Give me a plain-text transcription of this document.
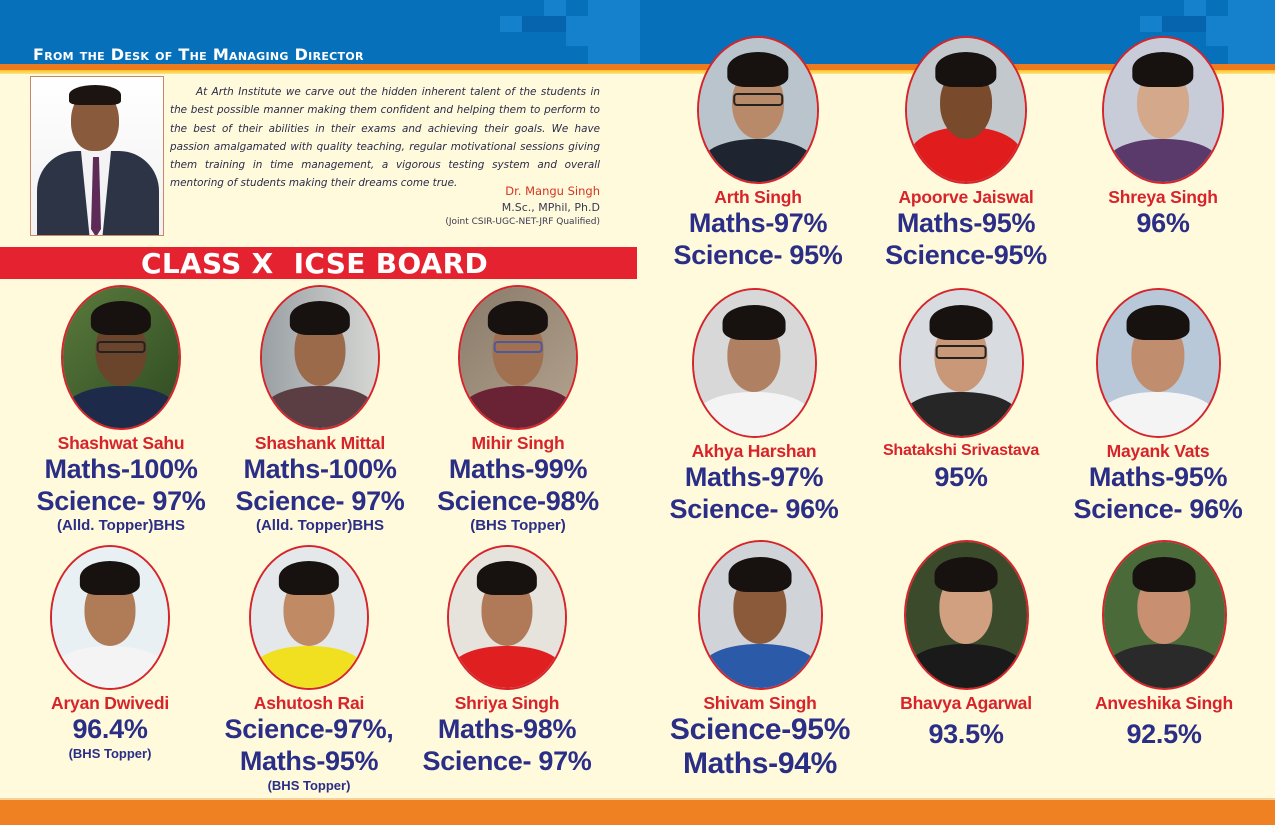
From the Desk of The Managing Director

At Arth Institute we carve out the hidden inherent talent of the students in the best possible manner making them confident and helping them to perform to the best of their abilities in their exams and achieving their goals. We have passion amalgamated with quality teaching, regular motivational sessions giving them training in time management, a vigorous testing system and overall mentoring of students making their dreams come true.

Dr. Mangu Singh
M.Sc., MPhil, Ph.D
(Joint CSIR-UGC-NET-JRF Qualified)
CLASS X  ICSE BOARD
Shashwat Sahu
Maths-100%
Science- 97%
(Alld. Topper)BHS
Shashank Mittal
Maths-100%
Science- 97%
(Alld. Topper)BHS
Mihir Singh
Maths-99%
Science-98%
(BHS Topper)
Aryan Dwivedi
96.4%
(BHS Topper)
Ashutosh Rai
Science-97%,
Maths-95%
(BHS Topper)
Shriya Singh
Maths-98%
Science- 97%
Arth Singh
Maths-97%
Science- 95%
Apoorve Jaiswal
Maths-95%
Science-95%
Shreya Singh
96%
Akhya Harshan
Maths-97%
Science- 96%
Shatakshi Srivastava
95%
Mayank Vats
Maths-95%
Science- 96%
Shivam Singh
Science-95%
Maths-94%
Bhavya Agarwal
93.5%
Anveshika Singh
92.5%
